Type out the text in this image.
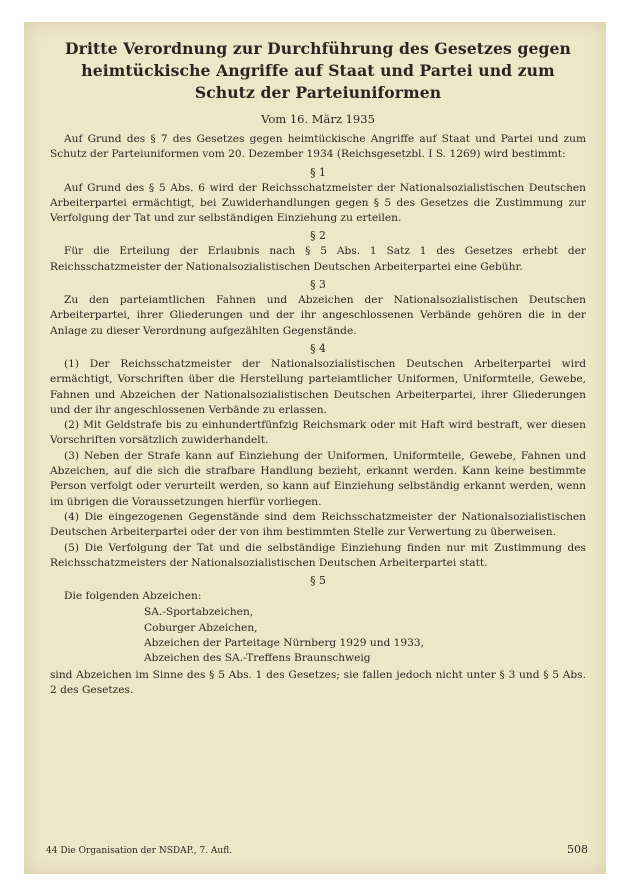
Dritte Verordnung zur Durchführung des Gesetzes gegen
heimtückische Angriffe auf Staat und Partei und zum
Schutz der Parteiuniformen
Vom 16. März 1935

Auf Grund des § 7 des Gesetzes gegen heimtückische Angriffe auf Staat und Partei und zum Schutz der Parteiuniformen vom 20. Dezember 1934 (Reichsgesetzbl. I S. 1269) wird bestimmt:

§ 1

Auf Grund des § 5 Abs. 6 wird der Reichsschatzmeister der Nationalsozialistischen Deutschen Arbeiterpartei ermächtigt, bei Zuwiderhandlungen gegen § 5 des Gesetzes die Zustimmung zur Verfolgung der Tat und zur selbständigen Einziehung zu erteilen.

§ 2

Für die Erteilung der Erlaubnis nach § 5 Abs. 1 Satz 1 des Gesetzes erhebt der Reichsschatzmeister der Nationalsozialistischen Deutschen Arbeiterpartei eine Gebühr.

§ 3

Zu den parteiamtlichen Fahnen und Abzeichen der Nationalsozialistischen Deutschen Arbeiterpartei, ihrer Gliederungen und der ihr angeschlossenen Verbände gehören die in der Anlage zu dieser Verordnung aufgezählten Gegenstände.

§ 4

(1) Der Reichsschatzmeister der Nationalsozialistischen Deutschen Arbeiterpartei wird ermächtigt, Vorschriften über die Herstellung parteiamtlicher Uniformen, Uniformteile, Gewebe, Fahnen und Abzeichen der Nationalsozialistischen Deutschen Arbeiterpartei, ihrer Gliederungen und der ihr angeschlossenen Verbände zu erlassen.

(2) Mit Geldstrafe bis zu einhundertfünfzig Reichsmark oder mit Haft wird bestraft, wer diesen Vorschriften vorsätzlich zuwiderhandelt.

(3) Neben der Strafe kann auf Einziehung der Uniformen, Uniformteile, Gewebe, Fahnen und Abzeichen, auf die sich die strafbare Handlung bezieht, erkannt werden. Kann keine bestimmte Person verfolgt oder verurteilt werden, so kann auf Einziehung selbständig erkannt werden, wenn im übrigen die Voraussetzungen hierfür vorliegen.

(4) Die eingezogenen Gegenstände sind dem Reichsschatzmeister der Nationalsozialistischen Deutschen Arbeiterpartei oder der von ihm bestimmten Stelle zur Verwertung zu überweisen.

(5) Die Verfolgung der Tat und die selbständige Einziehung finden nur mit Zustimmung des Reichsschatzmeisters der Nationalsozialistischen Deutschen Arbeiterpartei statt.

§ 5

Die folgenden Abzeichen:

SA.-Sportabzeichen,
Coburger Abzeichen,
Abzeichen der Parteitage Nürnberg 1929 und 1933,
Abzeichen des SA.-Treffens Braunschweig

sind Abzeichen im Sinne des § 5 Abs. 1 des Gesetzes; sie fallen jedoch nicht unter § 3 und § 5 Abs. 2 des Gesetzes.

44 Die Organisation der NSDAP., 7. Aufl.	508
